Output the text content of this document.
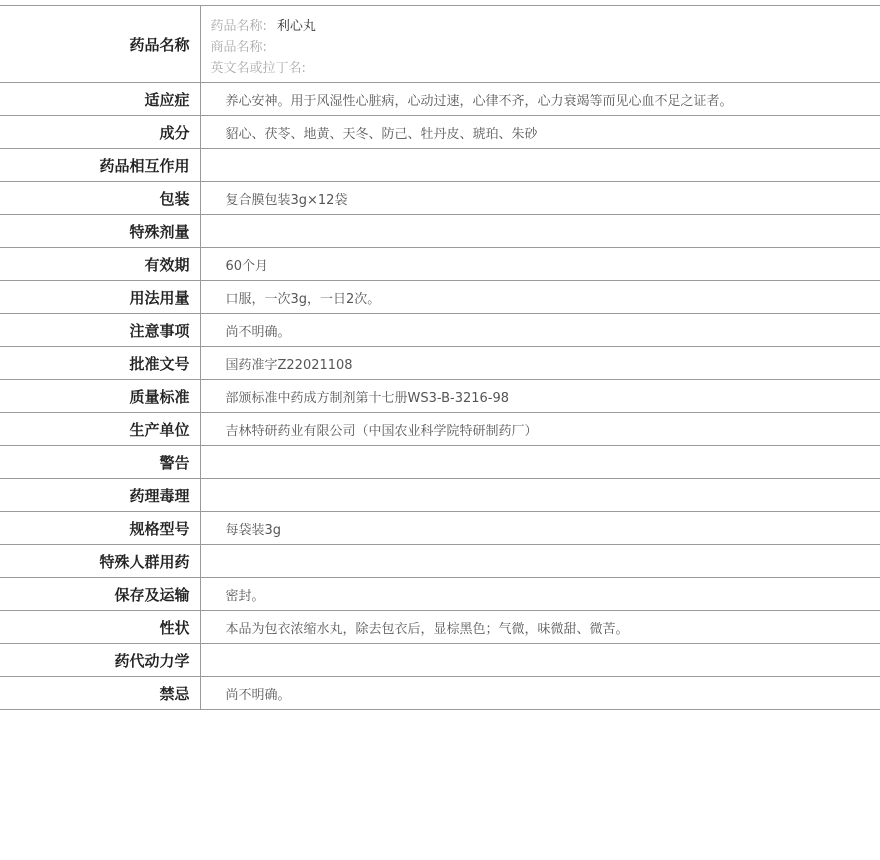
药品名称	药品名称: 利心丸
商品名称:
英文名或拉丁名:

适应症	养心安神。用于风湿性心脏病，心动过速，心律不齐，心力衰竭等而见心血不足之证者。
成分	貂心、茯苓、地黄、天冬、防己、牡丹皮、琥珀、朱砂
药品相互作用	
包装	复合膜包装3g×12袋
特殊剂量	
有效期	60个月
用法用量	口服，一次3g，一日2次。
注意事项	尚不明确。
批准文号	国药准字Z22021108
质量标准	部颁标准中药成方制剂第十七册WS3-B-3216-98
生产单位	吉林特研药业有限公司（中国农业科学院特研制药厂）
警告	
药理毒理	
规格型号	每袋装3g
特殊人群用药	
保存及运输	密封。
性状	本品为包衣浓缩水丸，除去包衣后，显棕黑色；气微，味微甜、微苦。
药代动力学	
禁忌	尚不明确。
